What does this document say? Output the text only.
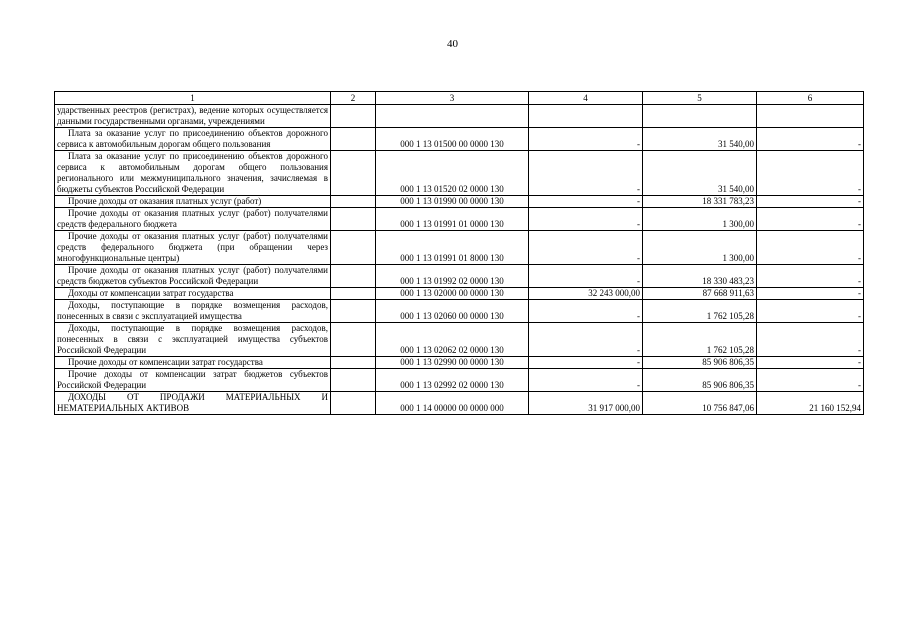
40
1	2	3	4	5	6
ударственных реестров (регистрах), ведение которых осуществляется данными государственными органами, учреждениями					
Плата за оказание услуг по присоединению объектов дорожного сервиса к автомобильным дорогам общего пользования		000 1 13 01500 00 0000 130	-	31 540,00	-
Плата за оказание услуг по присоединению объектов дорожного сервиса к автомобильным дорогам общего пользования регионального или межмуниципального значения, зачисляемая в бюджеты субъектов Российской Федерации		000 1 13 01520 02 0000 130	-	31 540,00	-
Прочие доходы от оказания платных услуг (работ)		000 1 13 01990 00 0000 130	-	18 331 783,23	-
Прочие доходы от оказания платных услуг (работ) получателями средств федерального бюджета		000 1 13 01991 01 0000 130	-	1 300,00	-
Прочие доходы от оказания платных услуг (работ) получателями средств федерального бюджета (при обращении через многофункциональные центры)		000 1 13 01991 01 8000 130	-	1 300,00	-
Прочие доходы от оказания платных услуг (работ) получателями средств бюджетов субъектов Российской Федерации		000 1 13 01992 02 0000 130	-	18 330 483,23	-
Доходы от компенсации затрат государства		000 1 13 02000 00 0000 130	32 243 000,00	87 668 911,63	-
Доходы, поступающие в порядке возмещения расходов, понесенных в связи с эксплуатацией имущества		000 1 13 02060 00 0000 130	-	1 762 105,28	-
Доходы, поступающие в порядке возмещения расходов, понесенных в связи с эксплуатацией имущества субъектов Российской Федерации		000 1 13 02062 02 0000 130	-	1 762 105,28	-
Прочие доходы от компенсации затрат государства		000 1 13 02990 00 0000 130	-	85 906 806,35	-
Прочие доходы от компенсации затрат бюджетов субъектов Российской Федерации		000 1 13 02992 02 0000 130	-	85 906 806,35	-
ДОХОДЫ ОТ ПРОДАЖИ МАТЕРИАЛЬНЫХ И НЕМАТЕРИАЛЬНЫХ АКТИВОВ		000 1 14 00000 00 0000 000	31 917 000,00	10 756 847,06	21 160 152,94
